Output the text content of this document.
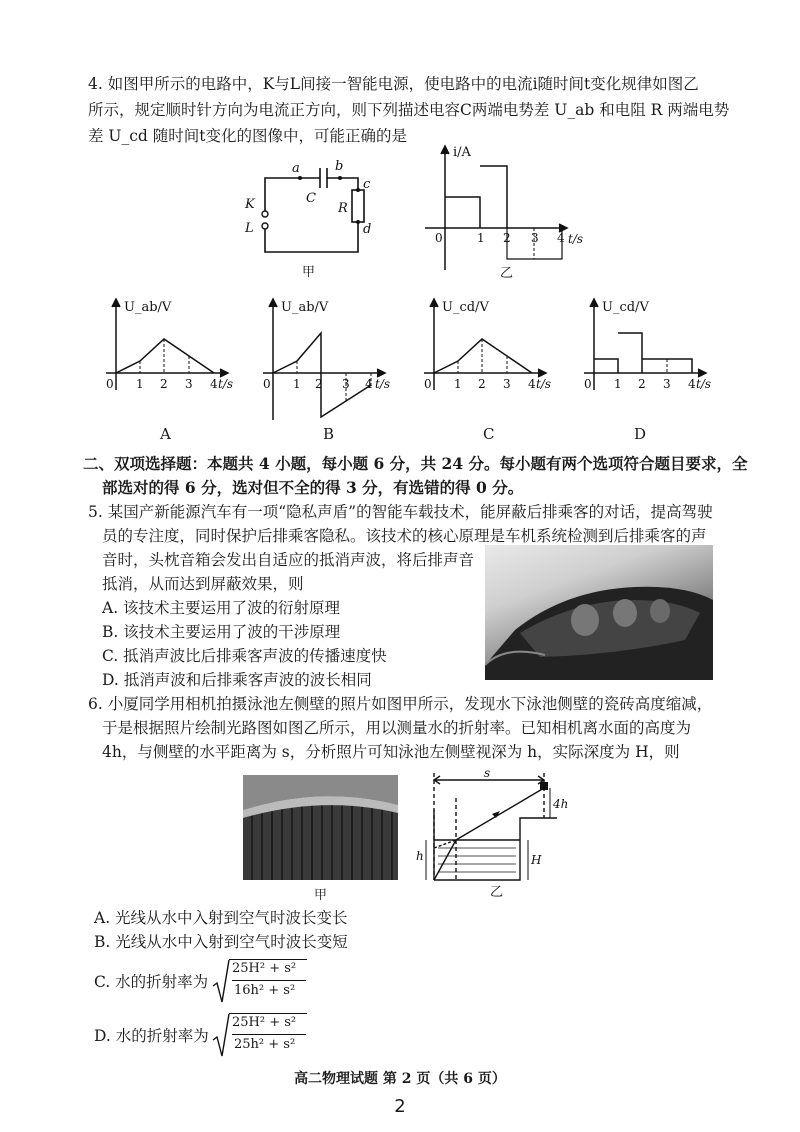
4. 如图甲所示的电路中，K与L间接一智能电源，使电路中的电流i随时间t变化规律如图乙
所示，规定顺时针方向为电流正方向，则下列描述电容C两端电势差 U_ab 和电阻 R 两端电势
差 U_cd 随时间t变化的图像中，可能正确的是
a	b
C
c
R
d
K
L
甲
i/A
t/s
0	1 2 3 4
乙
U_ab/V
t/s
0 1 2 3 4
A
U_ab/V
t/s
0 1 2 3 4
B
U_cd/V
t/s
0 1 2 3 4
C
U_cd/V
t/s
0 1 2 3 4
D
二、双项选择题：本题共 4 小题，每小题 6 分，共 24 分。每小题有两个选项符合题目要求，全
部选对的得 6 分，选对但不全的得 3 分，有选错的得 0 分。
5. 某国产新能源汽车有一项“隐私声盾”的智能车载技术，能屏蔽后排乘客的对话，提高驾驶
员的专注度，同时保护后排乘客隐私。该技术的核心原理是车机系统检测到后排乘客的声
音时，头枕音箱会发出自适应的抵消声波，将后排声音
抵消，从而达到屏蔽效果，则
A. 该技术主要运用了波的衍射原理
B. 该技术主要运用了波的干涉原理
C. 抵消声波比后排乘客声波的传播速度快
D. 抵消声波和后排乘客声波的波长相同
6. 小厦同学用相机拍摄泳池左侧壁的照片如图甲所示，发现水下泳池侧壁的瓷砖高度缩减，
于是根据照片绘制光路图如图乙所示，用以测量水的折射率。已知相机离水面的高度为
4h，与侧壁的水平距离为 s，分析照片可知泳池左侧壁视深为 h，实际深度为 H，则
甲
s
4h
h	H
乙
A. 光线从水中入射到空气时波长变长
B. 光线从水中入射到空气时波长变短
C. 水的折射率为
25H² + s²
16h² + s²
D. 水的折射率为
25H² + s²
25h² + s²
高二物理试题 第 2 页（共 6 页）
2
